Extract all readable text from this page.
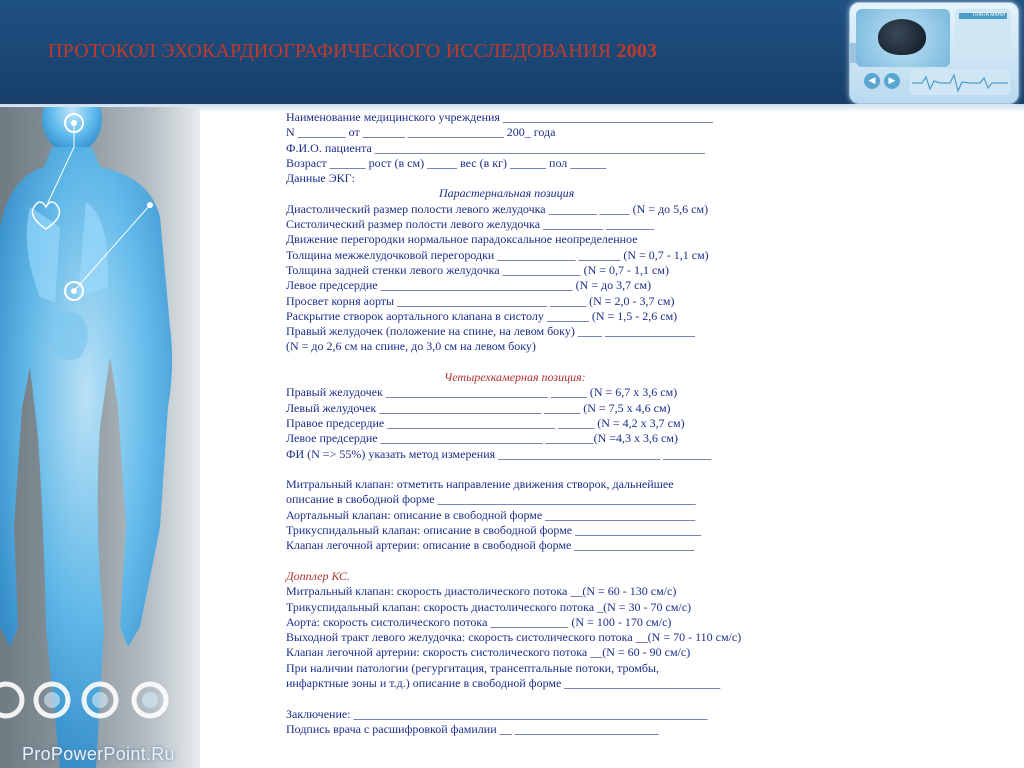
ПРОТОКОЛ ЭХОКАРДИОГРАФИЧЕСКОГО ИССЛЕДОВАНИЯ 2003
ПЛАТА МАНИ
◀	▶
ProPowerPoint.Ru
Наименование медицинского учреждения ___________________________________
N ________ от _______ ________________ 200_ года
Ф.И.О. пациента _______________________________________________________
Возраст ______ рост (в см) _____ вес (в кг) ______ пол ______
Данные ЭКГ:
Парастернальная позиция
Диастолический размер полости левого желудочка ________ _____ (N = до 5,6 см)
Систолический размер полости левого желудочка __________ ________
Движение перегородки нормальное парадоксальное неопределенное
Толщина межжелудочковой перегородки _____________ _______ (N = 0,7 - 1,1 см)
Толщина задней стенки левого желудочка _____________ (N = 0,7 - 1,1 см)
Левое предсердие ________________________________ (N = до 3,7 см)
Просвет корня аорты _________________________ ______ (N = 2,0 - 3,7 см)
Раскрытие створок аортального клапана в систолу _______ (N = 1,5 - 2,6 см)
Правый желудочек (положение на спине, на левом боку) ____ _______________
(N = до 2,6 см на спине, до 3,0 см на левом боку)
Четырехкамерная позиция:
Правый желудочек ___________________________ ______ (N = 6,7 х 3,6 см)
Левый желудочек ___________________________ ______ (N = 7,5 х 4,6 см)
Правое предсердие ____________________________ ______ (N = 4,2 х 3,7 см)
Левое предсердие ___________________________ ________(N =4,3 х 3,6 см)
ФИ (N => 55%) указать метод измерения ___________________________ ________
Митральный клапан: отметить направление движения створок, дальнейшее
описание в свободной форме ___________________________________________
Аортальный клапан: описание в свободной форме _________________________
Трикуспидальный клапан: описание в свободной форме _____________________
Клапан легочной артерии: описание в свободной форме ____________________
Допплер КС.
Митральный клапан: скорость диастолического потока __(N = 60 - 130 см/с)
Трикуспидальный клапан: скорость диастолического потока _(N = 30 - 70 см/с)
Аорта: скорость систолического потока _____________ (N = 100 - 170 см/с)
Выходной тракт левого желудочка: скорость систолического потока __(N = 70 - 110 см/с)
Клапан легочной артерии: скорость систолического потока __(N = 60 - 90 см/с)
При наличии патологии (регургитация, трансептальные потоки, тромбы,
инфарктные зоны и т.д.) описание в свободной форме __________________________
Заключение: ___________________________________________________________
Подпись врача с расшифровкой фамилии __ ________________________
